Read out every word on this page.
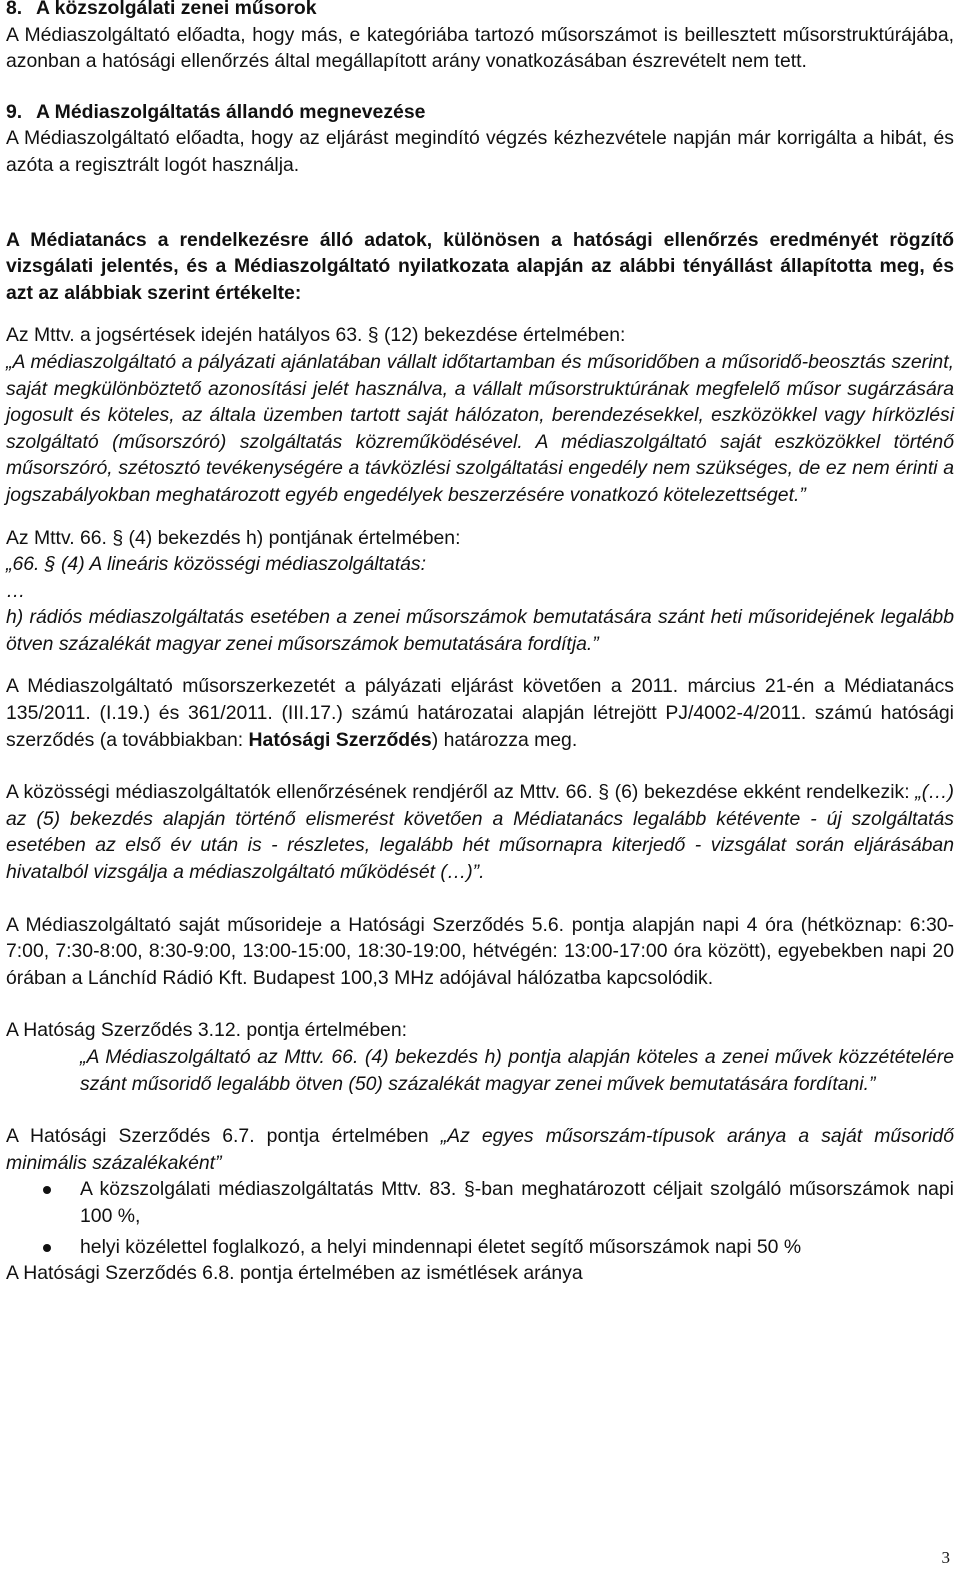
8. A közszolgálati zenei műsorok

A Médiaszolgáltató előadta, hogy más, e kategóriába tartozó műsorszámot is beillesztett műsorstruktúrájába, azonban a hatósági ellenőrzés által megállapított arány vonatkozásában észrevételt nem tett.

9. A Médiaszolgáltatás állandó megnevezése

A Médiaszolgáltató előadta, hogy az eljárást megindító végzés kézhezvétele napján már korrigálta a hibát, és azóta a regisztrált logót használja.

A Médiatanács a rendelkezésre álló adatok, különösen a hatósági ellenőrzés eredményét rögzítő vizsgálati jelentés, és a Médiaszolgáltató nyilatkozata alapján az alábbi tényállást állapította meg, és azt az alábbiak szerint értékelte:

Az Mttv. a jogsértések idején hatályos 63. § (12) bekezdése értelmében:

„A médiaszolgáltató a pályázati ajánlatában vállalt időtartamban és műsoridőben a műsoridő-beosztás szerint, saját megkülönböztető azonosítási jelét használva, a vállalt műsorstruktúrának megfelelő műsor sugárzására jogosult és köteles, az általa üzemben tartott saját hálózaton, berendezésekkel, eszközökkel vagy hírközlési szolgáltató (műsorszóró) szolgáltatás közreműködésével. A médiaszolgáltató saját eszközökkel történő műsorszóró, szétosztó tevékenységére a távközlési szolgáltatási engedély nem szükséges, de ez nem érinti a jogszabályokban meghatározott egyéb engedélyek beszerzésére vonatkozó kötelezettséget.”

Az Mttv. 66. § (4) bekezdés h) pontjának értelmében:

„66. § (4) A lineáris közösségi médiaszolgáltatás:

…

h) rádiós médiaszolgáltatás esetében a zenei műsorszámok bemutatására szánt heti műsoridejének legalább ötven százalékát magyar zenei műsorszámok bemutatására fordítja.”

A Médiaszolgáltató műsorszerkezetét a pályázati eljárást követően a 2011. március 21-én a Médiatanács 135/2011. (I.19.) és 361/2011. (III.17.) számú határozatai alapján létrejött PJ/4002-4/2011. számú hatósági szerződés (a továbbiakban: Hatósági Szerződés) határozza meg.

A közösségi médiaszolgáltatók ellenőrzésének rendjéről az Mttv. 66. § (6) bekezdése ekként rendelkezik: „(…) az (5) bekezdés alapján történő elismerést követően a Médiatanács legalább kétévente - új szolgáltatás esetében az első év után is - részletes, legalább hét műsornapra kiterjedő - vizsgálat során eljárásában hivatalból vizsgálja a médiaszolgáltató működését (…)”.

A Médiaszolgáltató saját műsorideje a Hatósági Szerződés 5.6. pontja alapján napi 4 óra (hétköznap: 6:30-7:00, 7:30-8:00, 8:30-9:00, 13:00-15:00, 18:30-19:00, hétvégén: 13:00-17:00 óra között), egyebekben napi 20 órában a Lánchíd Rádió Kft. Budapest 100,3 MHz adójával hálózatba kapcsolódik.

A Hatóság Szerződés 3.12. pontja értelmében:

„A Médiaszolgáltató az Mttv. 66. (4) bekezdés h) pontja alapján köteles a zenei művek közzétételére szánt műsoridő legalább ötven (50) százalékát magyar zenei művek bemutatására fordítani.”

A Hatósági Szerződés 6.7. pontja értelmében „Az egyes műsorszám-típusok aránya a saját műsoridő minimális százalékaként”

A közszolgálati médiaszolgáltatás Mttv. 83. §-ban meghatározott céljait szolgáló műsorszámok napi 100 %,
helyi közélettel foglalkozó, a helyi mindennapi életet segítő műsorszámok napi 50 %

A Hatósági Szerződés 6.8. pontja értelmében az ismétlések aránya

3
